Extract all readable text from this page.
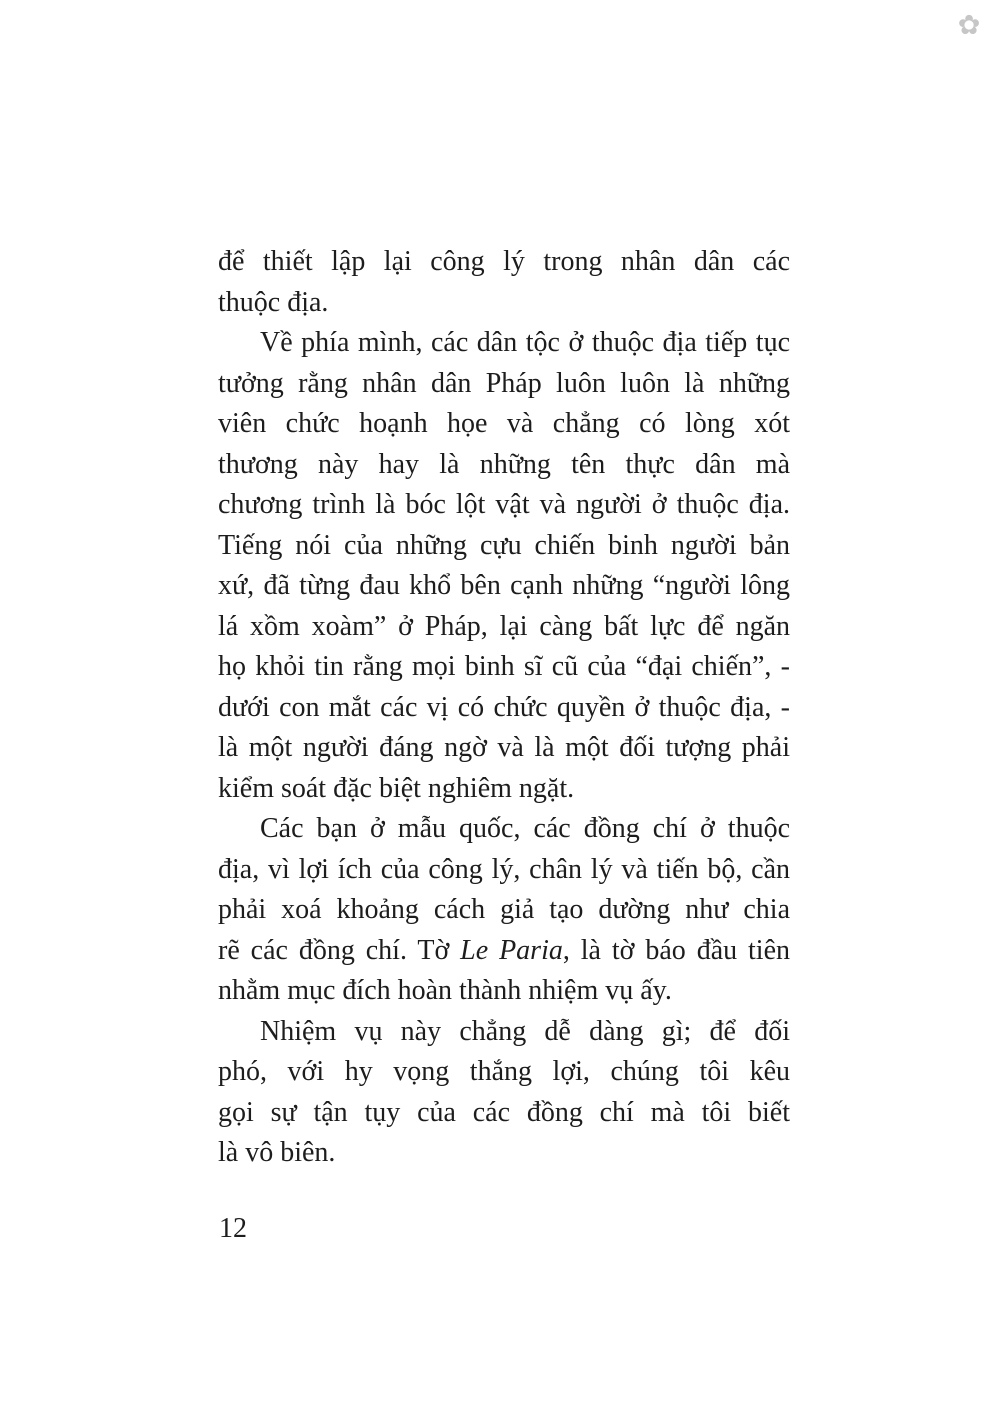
✿
để thiết lập lại công lý trong nhân dân các
thuộc địa.
Về phía mình, các dân tộc ở thuộc địa tiếp tục
tưởng rằng nhân dân Pháp luôn luôn là những
viên chức hoạnh họe và chẳng có lòng xót
thương này hay là những tên thực dân mà
chương trình là bóc lột vật và người ở thuộc địa.
Tiếng nói của những cựu chiến binh người bản
xứ, đã từng đau khổ bên cạnh những “người lông
lá xồm xoàm” ở Pháp, lại càng bất lực để ngăn
họ khỏi tin rằng mọi binh sĩ cũ của “đại chiến”, -
dưới con mắt các vị có chức quyền ở thuộc địa, -
là một người đáng ngờ và là một đối tượng phải
kiểm soát đặc biệt nghiêm ngặt.
Các bạn ở mẫu quốc, các đồng chí ở thuộc
địa, vì lợi ích của công lý, chân lý và tiến bộ, cần
phải xoá khoảng cách giả tạo dường như chia
rẽ các đồng chí. Tờ Le Paria, là tờ báo đầu tiên
nhằm mục đích hoàn thành nhiệm vụ ấy.
Nhiệm vụ này chẳng dễ dàng gì; để đối
phó, với hy vọng thắng lợi, chúng tôi kêu
gọi sự tận tụy của các đồng chí mà tôi biết
là vô biên.
12
